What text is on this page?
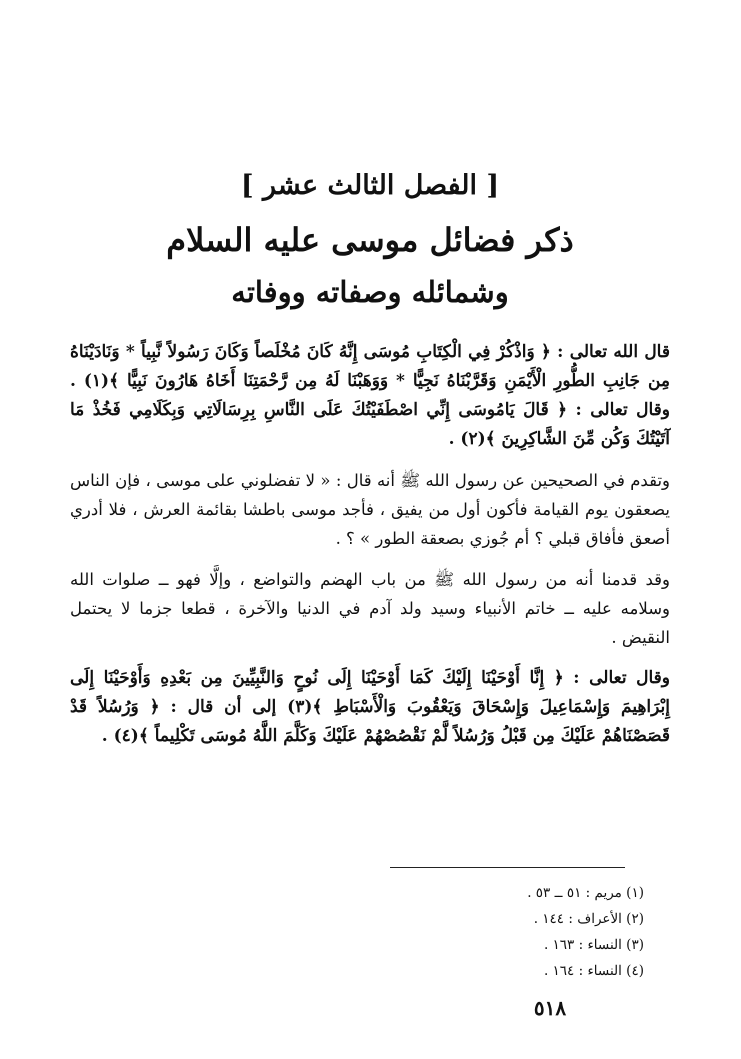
[ الفصل الثالث عشر ]
ذكر فضائل موسى عليه السلام
وشمائله وصفاته ووفاته

قال الله تعالى : ﴿ وَاذْكُرْ فِي الْكِتَابِ مُوسَى إِنَّهُ كَانَ مُخْلَصاً وَكَانَ رَسُولاً نَّبِياً * وَنَادَيْنَاهُ مِن جَانِبِ الطُّورِ الْأَيْمَنِ وَقَرَّبْنَاهُ نَجِيًّا * وَوَهَبْنَا لَهُ مِن رَّحْمَتِنَا أَخَاهُ هَارُونَ نَبِيًّا ﴾(١) . وقال تعالى : ﴿ قَالَ يَامُوسَى إِنِّي اصْطَفَيْتُكَ عَلَى النَّاسِ بِرِسَالَاتِي وَبِكَلَامِي فَخُذْ مَا آتَيْتُكَ وَكُن مِّنَ الشَّاكِرِينَ ﴾(٢) .

وتقدم في الصحيحين عن رسول الله ﷺ أنه قال : « لا تفضلوني على موسى ، فإن الناس يصعقون يوم القيامة فأكون أول من يفيق ، فأجد موسى باطشا بقائمة العرش ، فلا أدري أصعق فأفاق قبلي ؟ أم جُوزي بصعقة الطور » ؟ .

وقد قدمنا أنه من رسول الله ﷺ من باب الهضم والتواضع ، وإلَّا فهو ــ صلوات الله وسلامه عليه ــ خاتم الأنبياء وسيد ولد آدم في الدنيا والآخرة ، قطعا جزما لا يحتمل النقيض .

وقال تعالى : ﴿ إِنَّا أَوْحَيْنَا إِلَيْكَ كَمَا أَوْحَيْنَا إِلَى نُوحٍ وَالنَّبِيِّينَ مِن بَعْدِهِ وَأَوْحَيْنَا إِلَى إِبْرَاهِيمَ وَإِسْمَاعِيلَ وَإِسْحَاقَ وَيَعْقُوبَ وَالْأَسْبَاطِ ﴾(٣) إلى أن قال : ﴿ وَرُسُلاً قَدْ قَصَصْنَاهُمْ عَلَيْكَ مِن قَبْلُ وَرُسُلاً لَّمْ نَقْصُصْهُمْ عَلَيْكَ وَكَلَّمَ اللَّهُ مُوسَى تَكْلِيماً ﴾(٤) .

(١) مريم : ٥١ ــ ٥٣ .
(٢) الأعراف : ١٤٤ .
(٣) النساء : ١٦٣ .
(٤) النساء : ١٦٤ .
٥١٨
